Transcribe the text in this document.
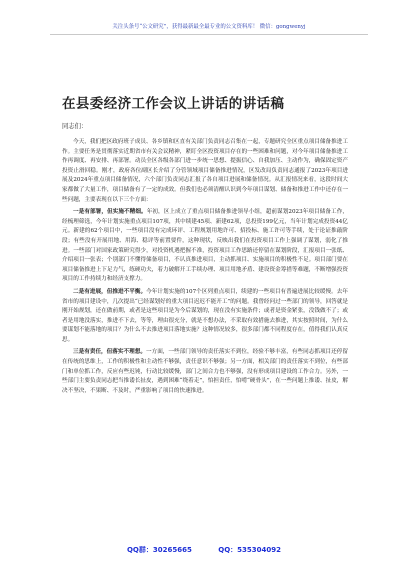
关注头条号“公文研究”，获得最新最全最专业的公文资料库！ 微信：gongwenyj
在县委经济工作会议上讲话的讲话稿
同志们：

今天，我们把区政府班子成员、各乡镇和区直有关部门负责同志召集在一起，专题研究全区重点项目储备推进工作。主要任务是贯彻落实近期省市有关会议精神，紧盯全区投资项目存在的一些困难和问题，对今年项目储备推进工作再调度、再安排、再部署。动员全区各级各部门进一步统一思想、提振信心、自我加压、主动作为，确保固定资产投资止滑回稳。刚才，政府各位副区长介绍了分管领域项目储备推进情况，区发改局负责同志通报了2023年项目进展及2024年重点项目储备情况，六个部门负责同志汇报了各自项目进展和储备情况。从汇报情况来看，这段时间大家都做了大量工作，项目储备有了一定的成效。但我们也必须清醒认识到今年项目谋划、储备和推进工作中还存在一些问题，主要表现在以下三个方面：

一是有部署，但实施不精细。年初，区上成立了重点项目储备推进领导小组，超前谋划2023年项目储备工作，经梳理筛选，今年计划实施重点项目107项，其中续建45项、新建62项，总投资199亿元，当年计划完成投资44亿元。新建的62个项目中，一些项目没有完成环评、工程规划用地许可、招投标、施工许可等手续，处于论证推敲阶段；有些没有开展用地、用海、稳评等前置要件，这种现状，反映出我们在投资项目工作上强调了谋划，弱化了推进。一些部门对国家政策研究得少，对投资机遇把握不准，投资项目工作思路还停留在谋划阶段，汇报项目一张纸、介绍项目一张表；个别部门不懂得储备项目，不认真推进项目，主动抓项目、实施项目的积极性不足。项目部门要在项目储备推进上下足力气，练硬功夫，着力破解开工手续办理、项目用地矛盾、建设资金筹措等难题，不断增强投资项目的工作持续力和经济支撑力。

二是有进展，但推进不平衡。今年计划实施的107个区列重点项目，续建的一些项目有普遍进展比较缓慢。去年省市的项目建设中，几次提出“已经谋划好的重大项目迟迟不能开工”的问题。我曾经问过一些部门的领导，回答就是刚开始规划，还在做前期，或者是这些项目是为今后谋划的，现在没有实施条件；或者是资金紧张，没钱做不了；或者是用地没落实，推进不下去，等等，理由很充分，就是不想办法，不采取有效措施去推进，其实按照时间，为什么要谋划不能落地的项目？为什么不去推进项目落地实施？这种情况较多，很多部门都不同程度存在，值得我们认真反思。

三是有责任，但落实不理想。一方面，一些部门领导的责任落实不到位，经验不够丰富，有些同志抓项目还停留在传统的思维上，工作的积极性和主动性不够强，责任意识不够强；另一方面，相关部门的责任落实不到位，有些部门和单位抓工作，反应有些迟钝，行动比较缓慢，部门之间合力也不够强，没有形成项目建设的工作合力。另外，一些部门主要负责同志把当推诿长扯皮，遇到困难“绕着走”，怕担责任，怕啃“硬骨头”，在一些问题上推诿、扯皮，解决不坚决，不果断、不及时，严重影响了项目的快速推进。

QQ群：30265665	QQ：535304092
